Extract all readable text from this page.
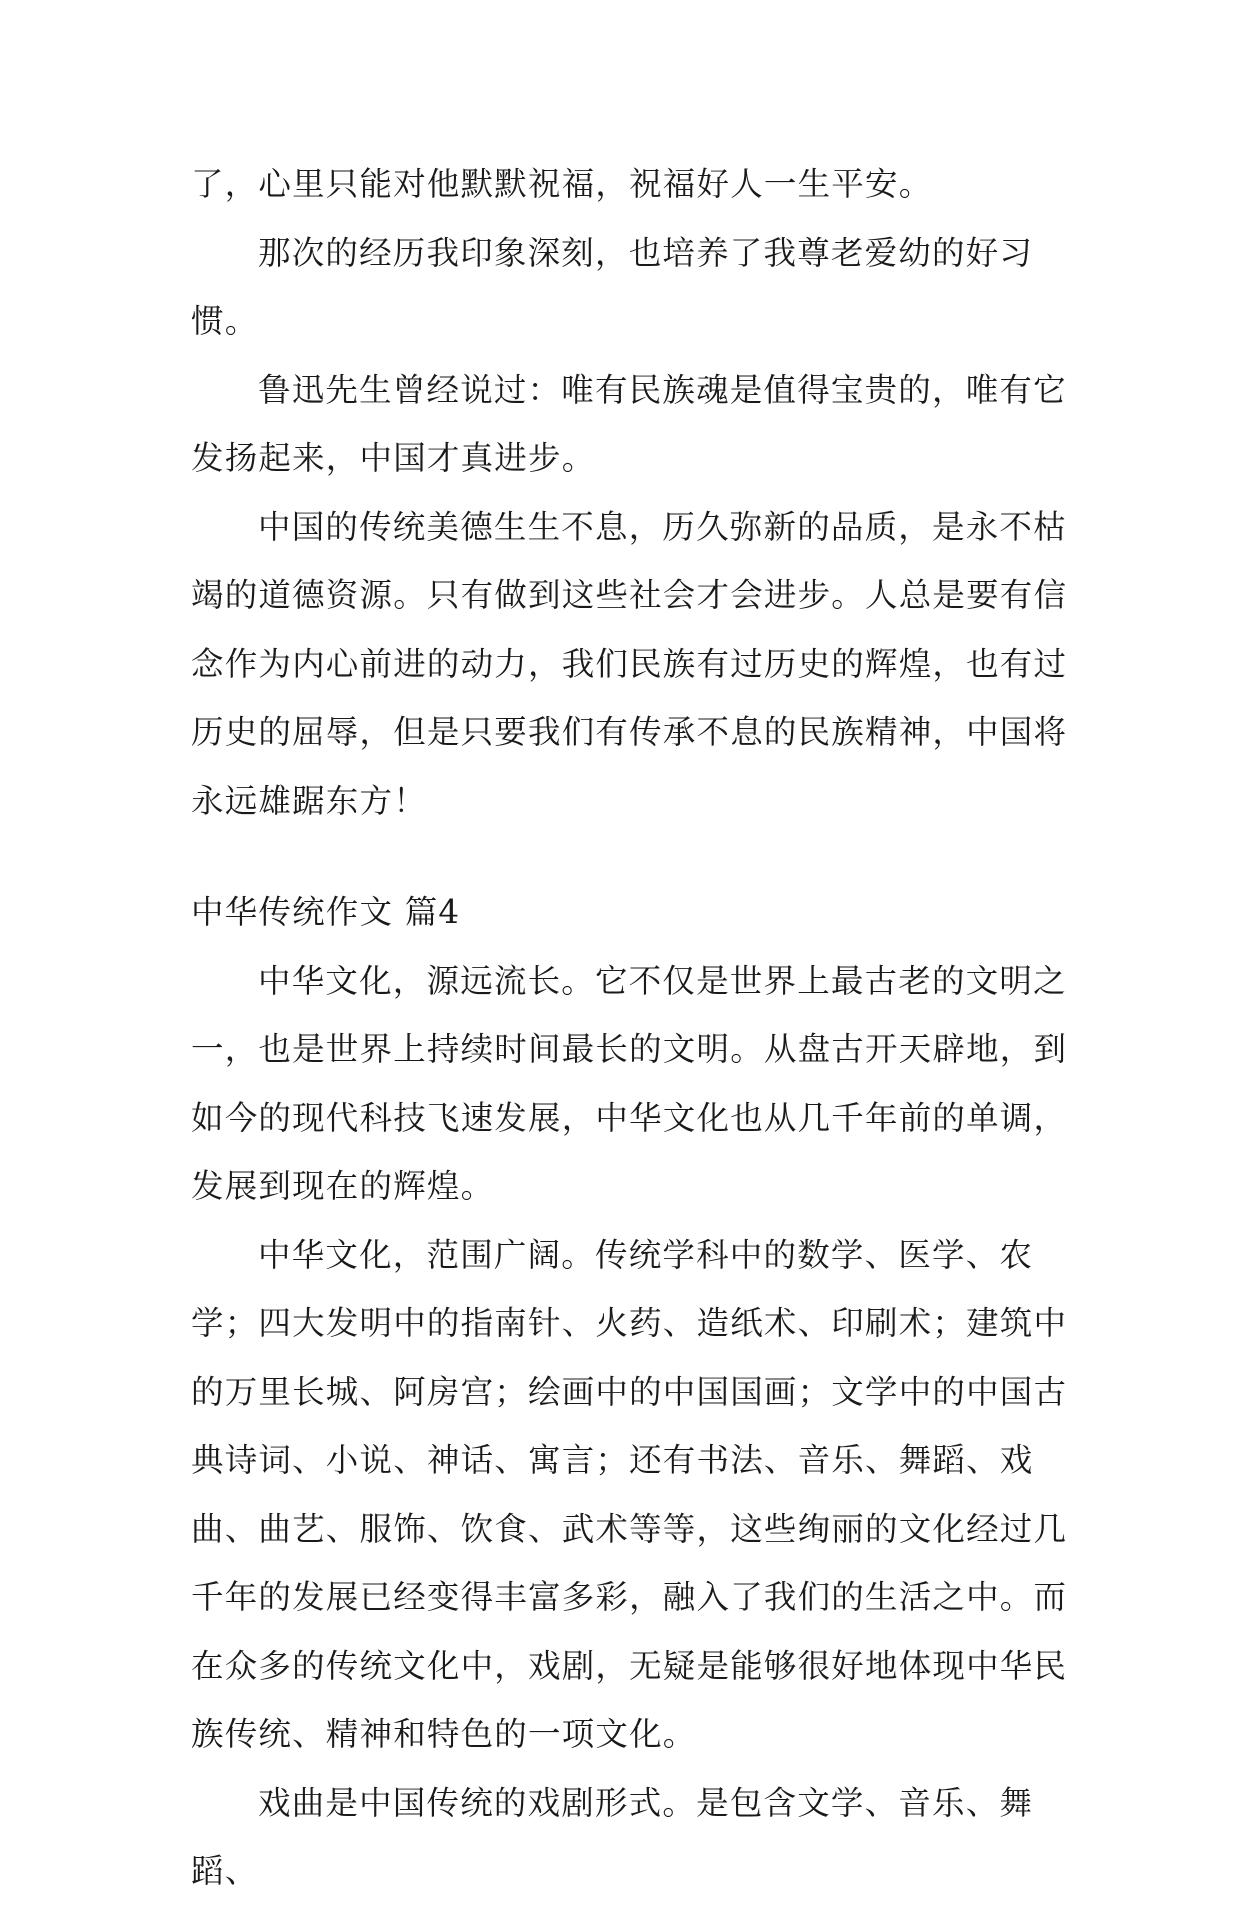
了，心里只能对他默默祝福，祝福好人一生平安。

那次的经历我印象深刻，也培养了我尊老爱幼的好习惯。

鲁迅先生曾经说过：唯有民族魂是值得宝贵的，唯有它发扬起来，中国才真进步。

中国的传统美德生生不息，历久弥新的品质，是永不枯竭的道德资源。只有做到这些社会才会进步。人总是要有信念作为内心前进的动力，我们民族有过历史的辉煌，也有过历史的屈辱，但是只要我们有传承不息的民族精神，中国将永远雄踞东方！

中华传统作文 篇4

中华文化，源远流长。它不仅是世界上最古老的文明之一，也是世界上持续时间最长的文明。从盘古开天辟地，到如今的现代科技飞速发展，中华文化也从几千年前的单调，发展到现在的辉煌。

中华文化，范围广阔。传统学科中的数学、医学、农学；四大发明中的指南针、火药、造纸术、印刷术；建筑中的万里长城、阿房宫；绘画中的中国国画；文学中的中国古典诗词、小说、神话、寓言；还有书法、音乐、舞蹈、戏曲、曲艺、服饰、饮食、武术等等，这些绚丽的文化经过几千年的发展已经变得丰富多彩，融入了我们的生活之中。而在众多的传统文化中，戏剧，无疑是能够很好地体现中华民族传统、精神和特色的一项文化。

戏曲是中国传统的戏剧形式。是包含文学、音乐、舞蹈、
